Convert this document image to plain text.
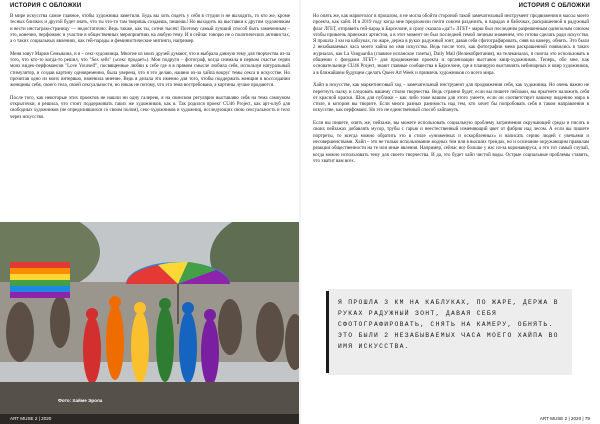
ИСТОРИЯ С ОБЛОЖКИ

В мире искусства самое главное, чтобы художника заметили. Будь вы хоть сидеть у себя в студии и не выходить, то кто же, кроме тесных близких и другой будет знать, что ты что-то там творишь создаешь, пишешь! Но выходить на выставки к другим художникам и вести инстаграм-страницу — недостаточно. Ведь также, как ты, сотни тысяч! Поэтому самый лучший способ быть замеченным – это, конечно, перфоманс и участие в общественных мероприятиях на любую тему. И я сейчас говорю не о политических активистах, а о таких социальных явлениях, как гей-парады и феминистические митинги, например.

Меня зовут Мария Семыкина, и я – секс-художница. Многие из моих друзей думают, что я выбрала данную тему для творчества из-за того, что кто-то когда-то решил, что "Sex sells" («секс продает»). Мои подруги – фотограф, когда снимала в первом счастье серии моих видео-перфомансов "Love Yourself", посвященные любви к себе где я в прямом смысле любила себя, используя натуральный стимулятор, и создав картину одновременно, была уверена, что я это делаю, наивно из-за хайпа вокруг темы секса в искусстве. Но прочитав одно из моих интервью, изменила мнение. Ведь я делала это именно для того, чтобы поддержать женщин в воссоздании женщины себя, своего тела, своей сексуальности, но никак не потому, что эта тема востребована, а картины лучше продаются.

После того, как некоторые этих проектов не нашли ни одну галерею, я нa свинском регулярно выставляю себя на тема самоумом открыточки, я решила, что стоит поддерживать таких же художников, как я. Так родился проект CU46 Project, как арт-клуб для свободных художников (не определившихся со своим полом), секс-художников и художниц, исследующих свою сексуальность и тело через искусство.

Фото: Хайме Эрола
ART MUSE 2 | 2020
ИСТОРИЯ С ОБЛОЖКИ

Но опять же, как маркетолог в прошлом, я не могла обойти стороной такой замечательный инструмент продвижения в массы моего проекта, как хайп. И в 2019 году когда мне предложили почти совсем разделить, в парадах и бабочках, раскрашенной в радужный флаг ЛГБТ, отправить гей-парад в Барселоне, я сразу сказала «да!!» ЛГБТ+ марш был последним разрешенным однополым союзом чтобы привлечь приезжих артистов, а в этот момент он был последней темой личным знаменем, что готова сделать ради искусства. Я прошла 3 км на каблуках, по жаре, держа в руках радужный зонт, давая себя сфотографировать, сняв на камеру, обнять. Это были 2 незабываемых часа моего хайпа во имя искусства. Ведь после того, как фотографии меня раскрашенной появились в таких журналах, как La Vanguardia (главное испанское газеты), Daily Mail (Великобритания), на телеканалах, я смогла это использовать в общении с фондами ЛГБТ+ для продвижения проекта и организации выставок квир-художников. Теперь, обо мне, как основательнице CU46 Project, знают главные сообщества в Барселоне, где я планирую выставлять небинарных и квир художников, а в ближайшем будущем сделать Queer Art Week и привлечь художников со всего мира.

Хайп в искусстве, как маркетинговый ход – замечательный инструмент для продвижения себя, как художника. Но очень важно не перегнуть палку и следовать вашему стилю творчества. Ведь странно будет, если вы пишете пейзажи, вы прыгнете наложить себя от красной краски. Шок для публики – как либо тоже вашим для этого умеете, если он соответствует вашему видению мира в стиле, в котором вы творите. Если много разных ранимость над тем, кто хочет бы попробовать себя в таком направлении в искусстве, как перфоманс. Но это не единственный способ хайпануть.

Если вы пишете, опять же, пейзажи, вы можете использовать социальную проблему загрязнения окружающей среды и писать в своих пейзажах добавлять мусор, трубы с гарью и неестественный изменяющий цвет от фабрик над лесом. А если вы пишете портреты, то всегда можно обратить это в стиле «униженных и оскорбленных» и написать серию людей с увечьями и несовершенствами. Хайп – это не только использование модных тем или в высших трендах, но и осознание окружающим правилам реакции общественности на те или иные явления. Например, сейчас все больше у нас из-за коронавируса, а это тот самый случай, когда можно использовать тему для своего творчества. И да, это будет хайп чистой воды. Острые социальные проблемы ставить, что хватит вам всех.

Я ПРОШЛА 3 КМ НА КАБЛУКАХ, ПО ЖАРЕ, ДЕРЖА В РУКАХ РАДУЖНЫЙ ЗОНТ, ДАВАЯ СЕБЯ СФОТОГРАФИРОВАТЬ, СНЯТЬ НА КАМЕРУ, ОБНЯТЬ. ЭТО БЫЛИ 2 НЕЗАБЫВАЕМЫХ ЧАСА МОЕГО ХАЙПА ВО ИМЯ ИСКУССТВА.
ART MUSE 2 | 2020 | 79
